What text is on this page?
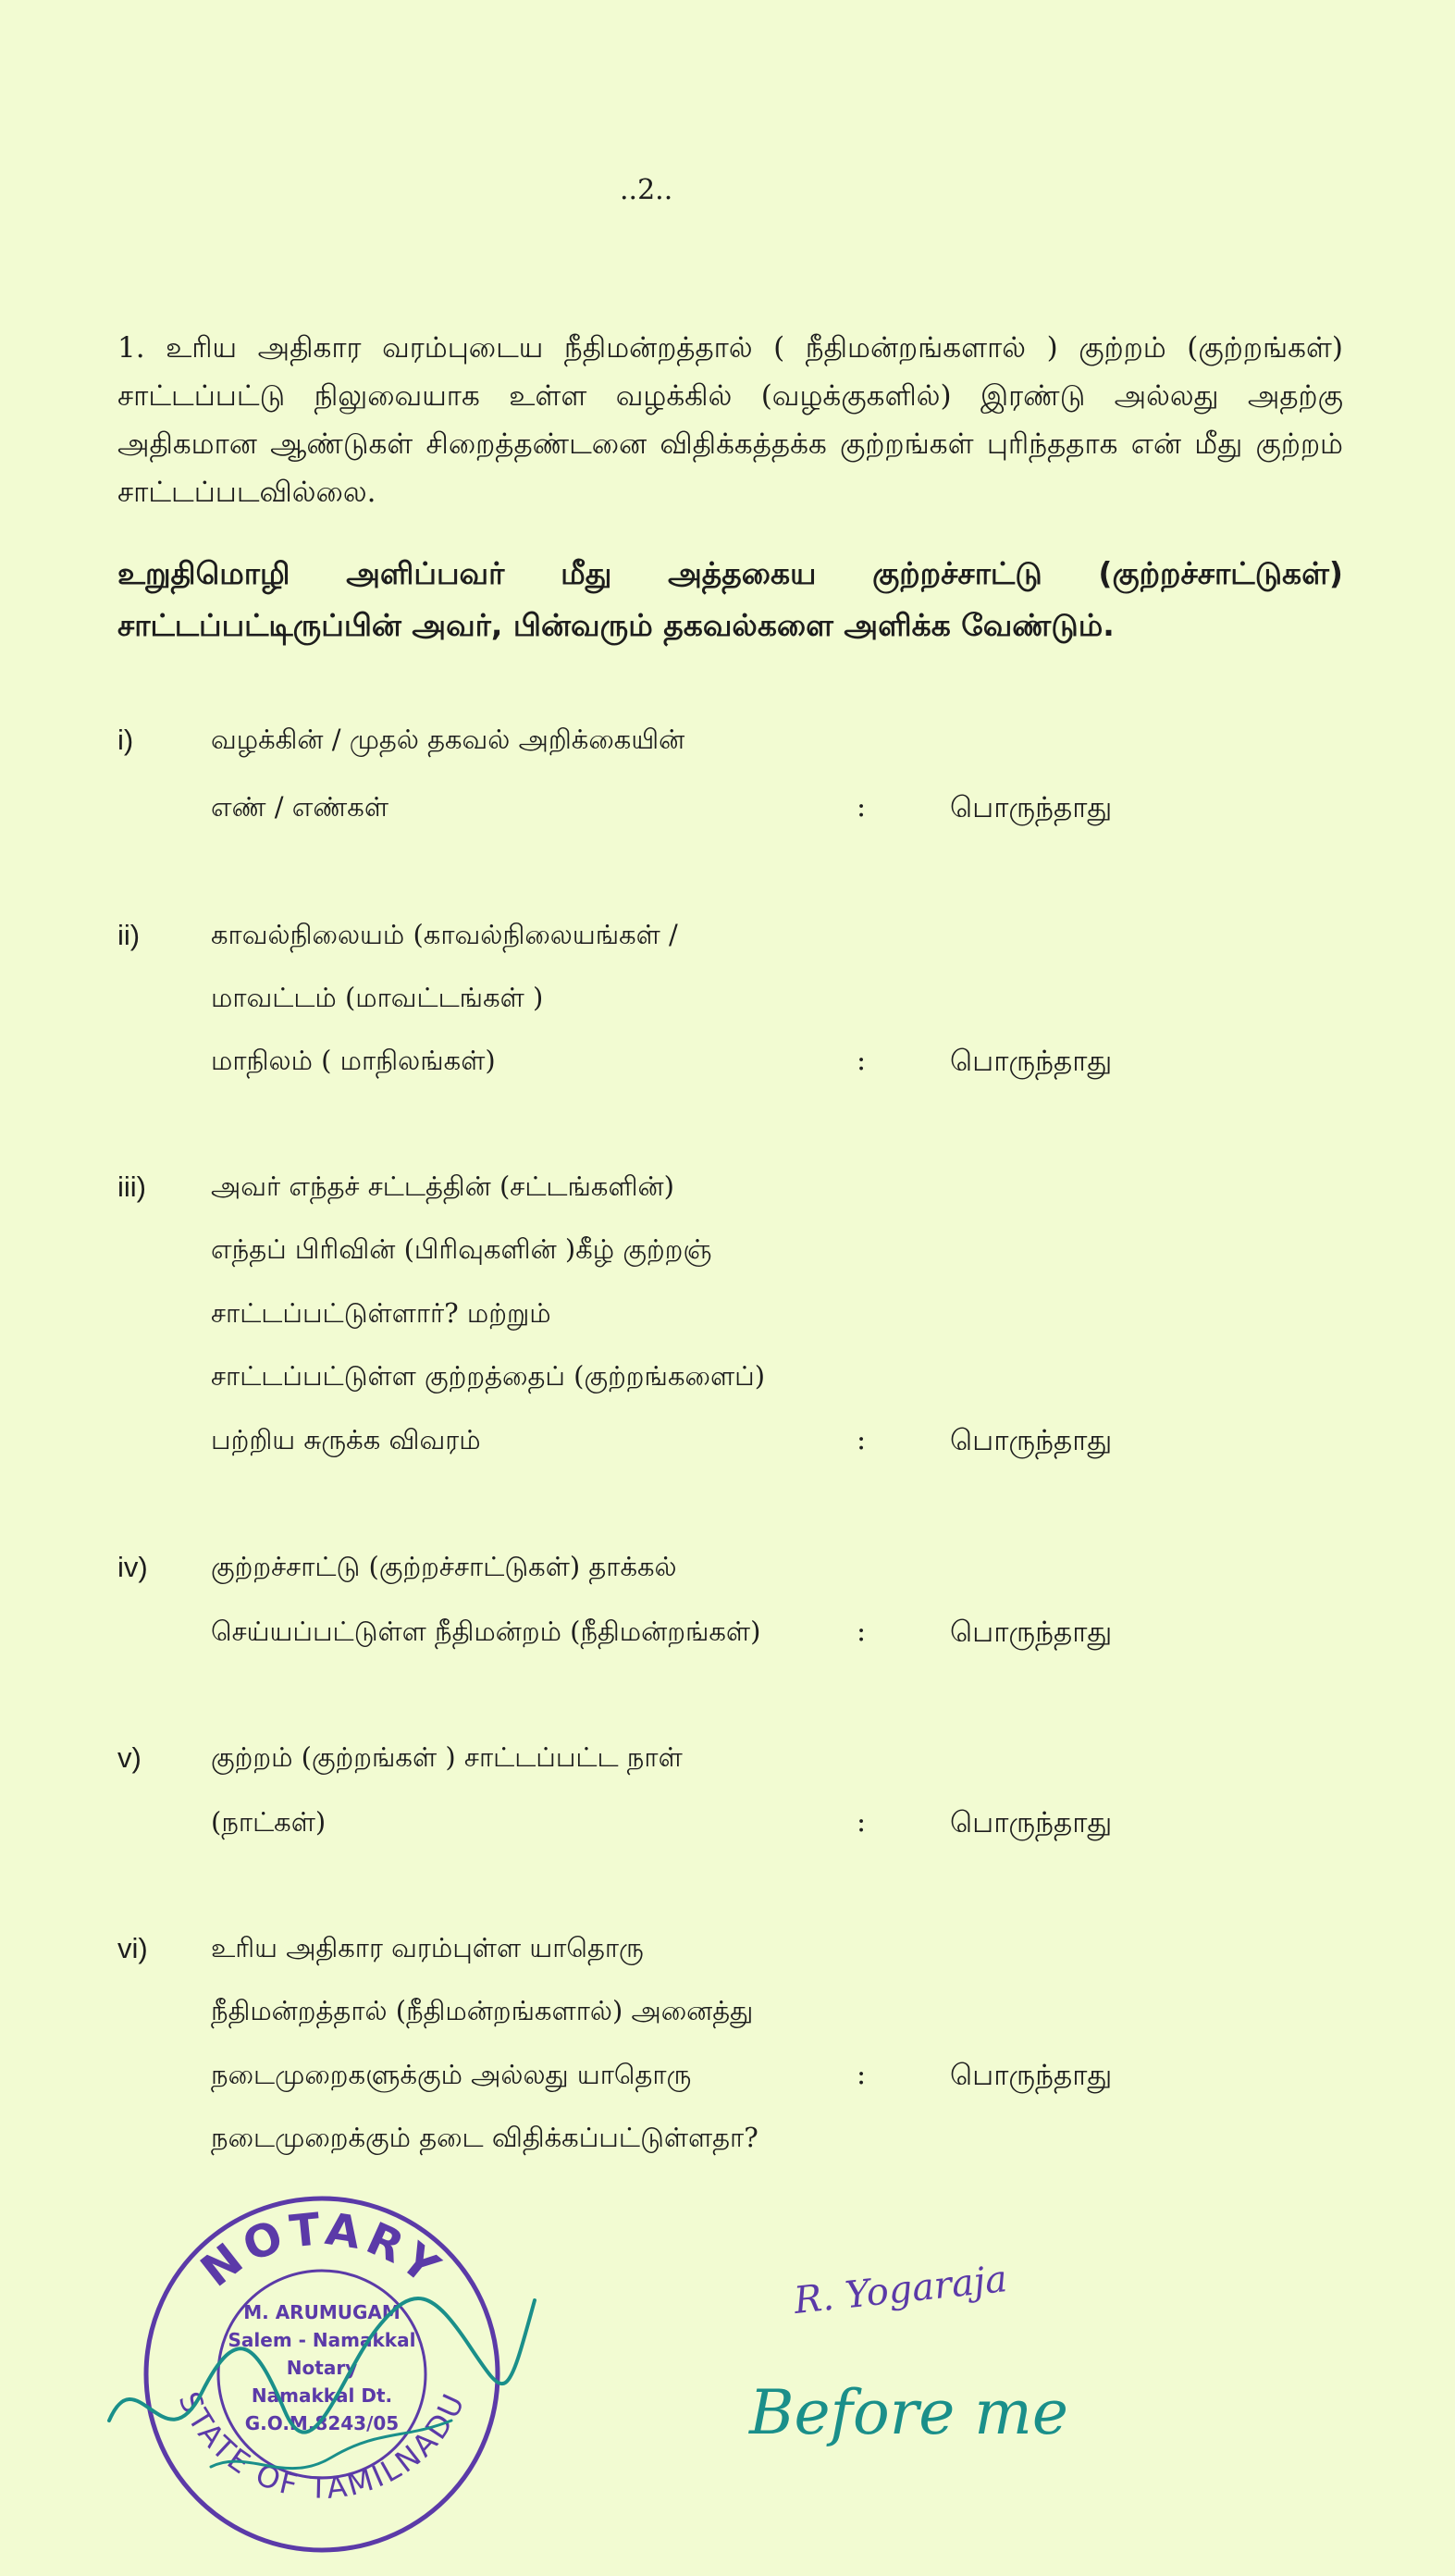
..2..
1. உரிய அதிகார வரம்புடைய நீதிமன்றத்தால் ( நீதிமன்றங்களால் ) குற்றம் (குற்றங்கள்) சாட்டப்பட்டு நிலுவையாக உள்ள வழக்கில் (வழக்குகளில்) இரண்டு அல்லது அதற்கு அதிகமான ஆண்டுகள் சிறைத்தண்டனை விதிக்கத்தக்க குற்றங்கள் புரிந்ததாக என் மீது குற்றம் சாட்டப்படவில்லை.
உறுதிமொழி அளிப்பவர் மீது அத்தகைய குற்றச்சாட்டு (குற்றச்சாட்டுகள்) சாட்டப்பட்டிருப்பின் அவர், பின்வரும் தகவல்களை அளிக்க வேண்டும்.
i)	வழக்கின் / முதல் தகவல் அறிக்கையின்
எண் / எண்கள்	:	பொருந்தாது
ii)	காவல்நிலையம் (காவல்நிலையங்கள் /
மாவட்டம் (மாவட்டங்கள் )
மாநிலம் ( மாநிலங்கள்)	:	பொருந்தாது
iii) அவர் எந்தச் சட்டத்தின் (சட்டங்களின்)
எந்தப் பிரிவின் (பிரிவுகளின் )கீழ் குற்றஞ்
சாட்டப்பட்டுள்ளார்? மற்றும்
சாட்டப்பட்டுள்ள குற்றத்தைப் (குற்றங்களைப்)
பற்றிய சுருக்க விவரம்	:	பொருந்தாது
iv) குற்றச்சாட்டு (குற்றச்சாட்டுகள்) தாக்கல்
செய்யப்பட்டுள்ள நீதிமன்றம் (நீதிமன்றங்கள்)	:	பொருந்தாது
v)	குற்றம் (குற்றங்கள் ) சாட்டப்பட்ட நாள்
(நாட்கள்)	:	பொருந்தாது
vi) உரிய அதிகார வரம்புள்ள யாதொரு
நீதிமன்றத்தால் (நீதிமன்றங்களால்) அனைத்து
நடைமுறைகளுக்கும் அல்லது யாதொரு
நடைமுறைக்கும் தடை விதிக்கப்பட்டுள்ளதா?
:	பொருந்தாது
NOTARY
STATE OF TAMILNADU
M. ARUMUGAM
Salem - Namakkal
Notary
Namakkal Dt.
G.O.M.8243/05
R. Yogaraja
Before me
